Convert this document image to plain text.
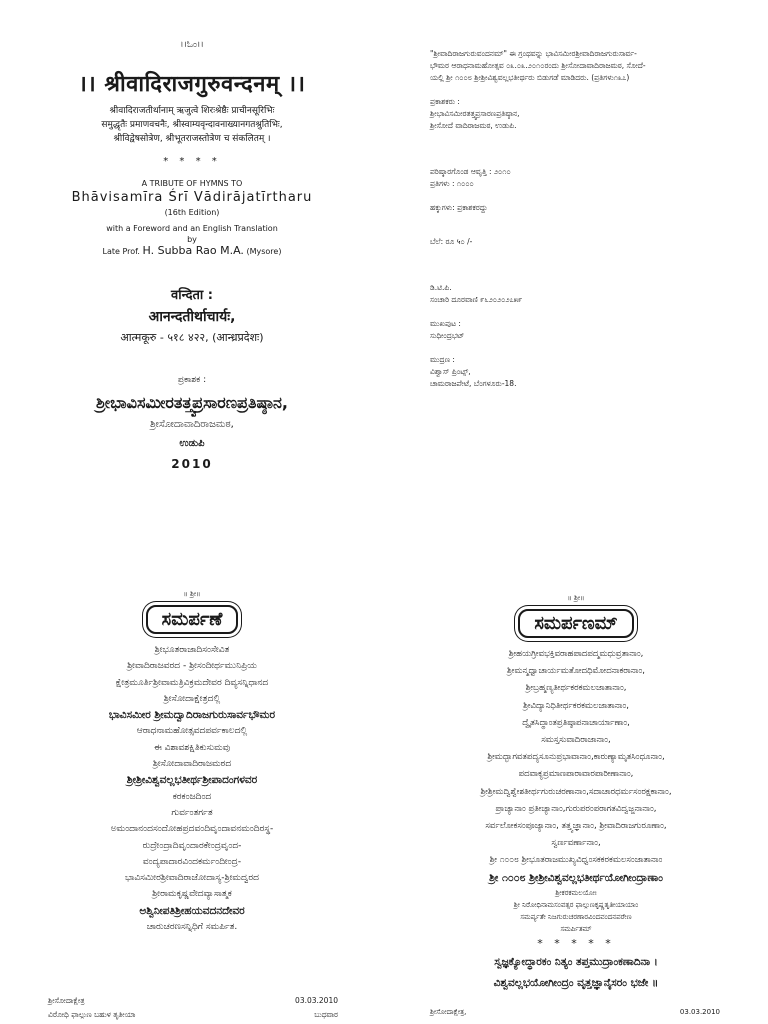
।।ಓಂ।।
।। श्रीवादिराजगुरुवन्दनम् ।।
श्रीवादिराजतीर्थानाम् ऋजुत्वे शिरःश्रेष्ठैः प्राचीनसूरिभिः
समुद्धृतैः प्रमाणवचनैः, श्रीस्वाम्यवृन्दावनाख्यानगतश्रुतिभिः,
श्रीविद्वेषसोत्रेण, श्रीभूतराजस्तोत्रेण च संकलितम् ।
* * * *
A TRIBUTE OF HYMNS TO
Bhāvisamīra Śrī Vādirājatīrtharu
(16th Edition)
with a Foreword and an English Translation
by
Late Prof. H. Subba Rao M.A. (Mysore)
वन्दिता :
आनन्दतीर्थाचार्यः,
आत्मकूरु - ५१८ ४२२, (आन्ध्रप्रदेशः)
ಪ್ರಕಾಶಕ :
ಶ್ರೀಭಾವಿಸಮೀರತತ್ತ್ವಪ್ರಸಾರಣಪ್ರತಿಷ್ಠಾನ,
ಶ್ರೀಸೋದಾವಾದಿರಾಜಮಠ,
ಉಡುಪಿ
2010
"ಶ್ರೀವಾದಿರಾಜಗುರುವಂದನಮ್" ಈ ಗ್ರಂಥವನ್ನು ಭಾವಿಸಮೀರಶ್ರೀವಾದಿರಾಜಗುರುಸಾರ್ವ-
ಭೌಮರ ಆರಾಧನಾಮಹೋತ್ಸವ ೦೩.೦೩.೨೦೧೦ರಂದು ಶ್ರೀಸೋದಾವಾದಿರಾಜಮಠ, ಸೋದೆ-
ಯಲ್ಲಿ ಶ್ರೀ ೧೦೦೮ ಶ್ರೀಶ್ರೀವಿಶ್ವವಲ್ಲಭತೀರ್ಥರು ಬಿಡುಗಡೆ ಮಾಡಿದರು. (ಪ್ರತಿಗಳು೧೩೭)
ಪ್ರಕಾಶಕರು :
ಶ್ರೀಭಾವಿಸಮೀರತತ್ತ್ವಪ್ರಸಾರಣಪ್ರತಿಷ್ಠಾನ,
ಶ್ರೀಸೋದೆ ವಾದಿರಾಜಮಠ, ಉಡುಪಿ.
ಪರಿಷ್ಕಾರಗೊಂಡ ಆವೃತ್ತಿ : ೨೦೧೦
ಪ್ರತಿಗಳು : ೧೦೦೦
ಹಕ್ಕುಗಳು: ಪ್ರಕಾಶಕರದ್ದು
ಬೆಲೆ: ರೂ ५೦ /-
ಡಿ.ಟಿ.ಪಿ.
ಸಂಚಾರಿ ದೂರವಾಣಿ ೯೬೨೦೨೦೨೭೫೯
ಮುಖಪುಟ :
ಸುಧೀಂದ್ರಭಟ್
ಮುದ್ರಣ :
ವಿಶ್ವಾಸ್ ಪ್ರಿಂಟ್ಸ್,
ಚಾಮರಾಜಪೇಟೆ, ಬೆಂಗಳೂರು-18.
॥ ಶ್ರೀ॥
ಸಮರ್ಪಣೆ
ಶ್ರೀಭೂತರಾಜಾದಿಸಂಸೇವಿತ
ಶ್ರೀವಾದಿರಾಜವರದ - ಶ್ರೀಸಂದೀರ್ಥಮುನಿಪ್ರಿಯ
ಕ್ಷೇತ್ರಮೂರ್ತಿಶ್ರೀವಾಮತ್ರಿವಿಕ್ರಮದೇವರ ದಿವ್ಯಸನ್ನಿಧಾನದ
ಶ್ರೀಸೋದಾಕ್ಷೇತ್ರದಲ್ಲಿ
ಭಾವಿಸಮೀರ ಶ್ರೀಮದ್ವಾದಿರಾಜಗುರುಸಾರ್ವಭೌಮರ
ಆರಾಧನಾಮಹೋತ್ಸವದಪರ್ವಕಾಲದಲ್ಲಿ
ಈ ವಿಶಾವಶಕ್ಷಿತಿಕುಸುಮವು
ಶ್ರೀಸೋದಾವಾದಿರಾಜಮಠದ
ಶ್ರೀಶ್ರೀವಿಶ್ವವಲ್ಲಭತೀರ್ಥಶ್ರೀಪಾದಂಗಳವರ
ಕರಕಂಜದಿಂದ
ಗುರ್ವಂತರ್ಗತ
ಅಮಂದಾನಂದಸಂದೋಹಪ್ರದವಂದಿವೃಂದಾವನಮಂದಿರಸ್ಥ-
ರುದ್ರೇಂದ್ರಾದಿವೃಂದಾರಕೇಂದ್ರವೃಂದ-
ವಂದ್ಯಪಾದಾರವಿಂದಕರ್ಮಂದೀಂದ್ರ-
ಭಾವಿಸಮೀರಶ್ರೀವಾದಿರಾಜೋದಾಸ್ಯ-ಶ್ರೀಮದ್ವರದ
ಶ್ರೀರಾಮಕೃಷ್ಣವೇದವ್ಯಾಸಾತ್ಮಕ
ಅಶ್ವಿನೀಪತಿಶ್ರೀಹಯವದನದೇವರ
ಚಾರುಚರಣಸನ್ನಿಧಿಗೆ ಸಮರ್ಪಿತ.
ಶ್ರೀಸೋದಾಕ್ಷೇತ್ರ	03.03.2010
ವಿರೋಧಿ ಫಾಲ್ಗುಣ ಬಹುಳ ತೃತೀಯಾ	ಬುಧವಾರ
॥ ಶ್ರೀ॥
ಸಮರ್ಪಣಮ್
ಶ್ರೀಹಯಗ್ರೀವಭಕ್ತಿವರಾಹಪಾದಪದ್ಮಮಧುವ್ರತಾನಾಂ,
ಶ್ರೀಮನ್ಮಧ್ವಾಚಾರ್ಯಮತೋದಧಿಮೋದನಾಕರಾನಾಂ,
ಶ್ರೀಬ್ರಹ್ಮಣ್ಯತೀರ್ಥಕರಕಮಲಜಾತಾನಾಂ,
ಶ್ರೀವಿದ್ಯಾನಿಧಿತೀರ್ಥಕರಕಮಲಜಾತಾನಾಂ,
ದ್ವೈತಸಿದ್ಧಾಂತಪ್ರತಿಷ್ಠಾಪನಾಚಾರ್ಯಾಣಾಂ,
ಸಮಸ್ತಸುವಾದಿರಾಜಾನಾಂ,
ಶ್ರೀಮದ್ಭಾಗವತಪದ್ಯಸೂನುಪ್ರಭಾವಾನಾಂ,ಕಾರುಣ್ಯಾಮೃತಸಿಂಧೂನಾಂ,
ಪದವಾಕ್ಯಪ್ರಮಾಣಪಾರಾವಾರಪಾರೀಣಾನಾಂ,
ಶ್ರೀಶ್ರೀಮದ್ವಿಶ್ವೇಶತೀರ್ಥಗುರುಚರಣಾನಾಂ,ಸದಾಚಾರಧರ್ಮಸಂರಕ್ಷಕಾನಾಂ,
ಪ್ರಾಚ್ಯಾನಾಂ ಪ್ರತೀಚ್ಯಾನಾಂ,ಗುರುಪರಂಪರಾಗತವಿದ್ವಜ್ಜನಾನಾಂ,
ಸರ್ವಲೋಕಸಂಪೂಜ್ಯಾನಾಂ, ತತ್ತ್ವಜ್ಞಾನಾಂ, ಶ್ರೀವಾದಿರಾಜಗುರೂಣಾಂ,
ಸ್ವರ್ಣವರ್ಣಾನಾಂ,
ಶ್ರೀ ೧೦೦೮ ಶ್ರೀಭೂತರಾಜಮುಖ್ಯವಿಧ್ವಂಸಕಕರಕಮಲಸಂಜಾತಾನಾಂ
ಶ್ರೀ ೧೦೦೮ ಶ್ರೀಶ್ರೀವಿಶ್ವವಲ್ಲಭತೀರ್ಥಯೋಗೀಂದ್ರಾಣಾಂ
ಶ್ರೀಕರಕಮಲಯೋಃ
ಶ್ರೀ ನಿರೋಧಿನಾಮಸಂವತ್ಸರ ಫಾಲ್ಗುಣಕೃಷ್ಣತೃತೀಯಾಯಾಂ
ಸಮರ್ಪ್ಯತೇ ನಿಜಗುರುಚರಣಾರವಿಂದವಂದನಪರೇಣ
ಸಮರ್ಪಿತಮ್
* * * * *
ಸ್ವಜ್ಞಕ್ಯೋದ್ಧಾರಕಂ ನಿತ್ಯಂ ತಪ್ತಮುದ್ರಾಂಕಣಾದಿನಾ ।
ವಿಶ್ವವಲ್ಲಭಯೋಗೀಂದ್ರಂ ವೃತ್ತಜ್ಞಾನೈಸರಂ ಭಜೇ ॥
ಶ್ರೀಸೋದಾಕ್ಷೇತ್ರ,	03.03.2010
